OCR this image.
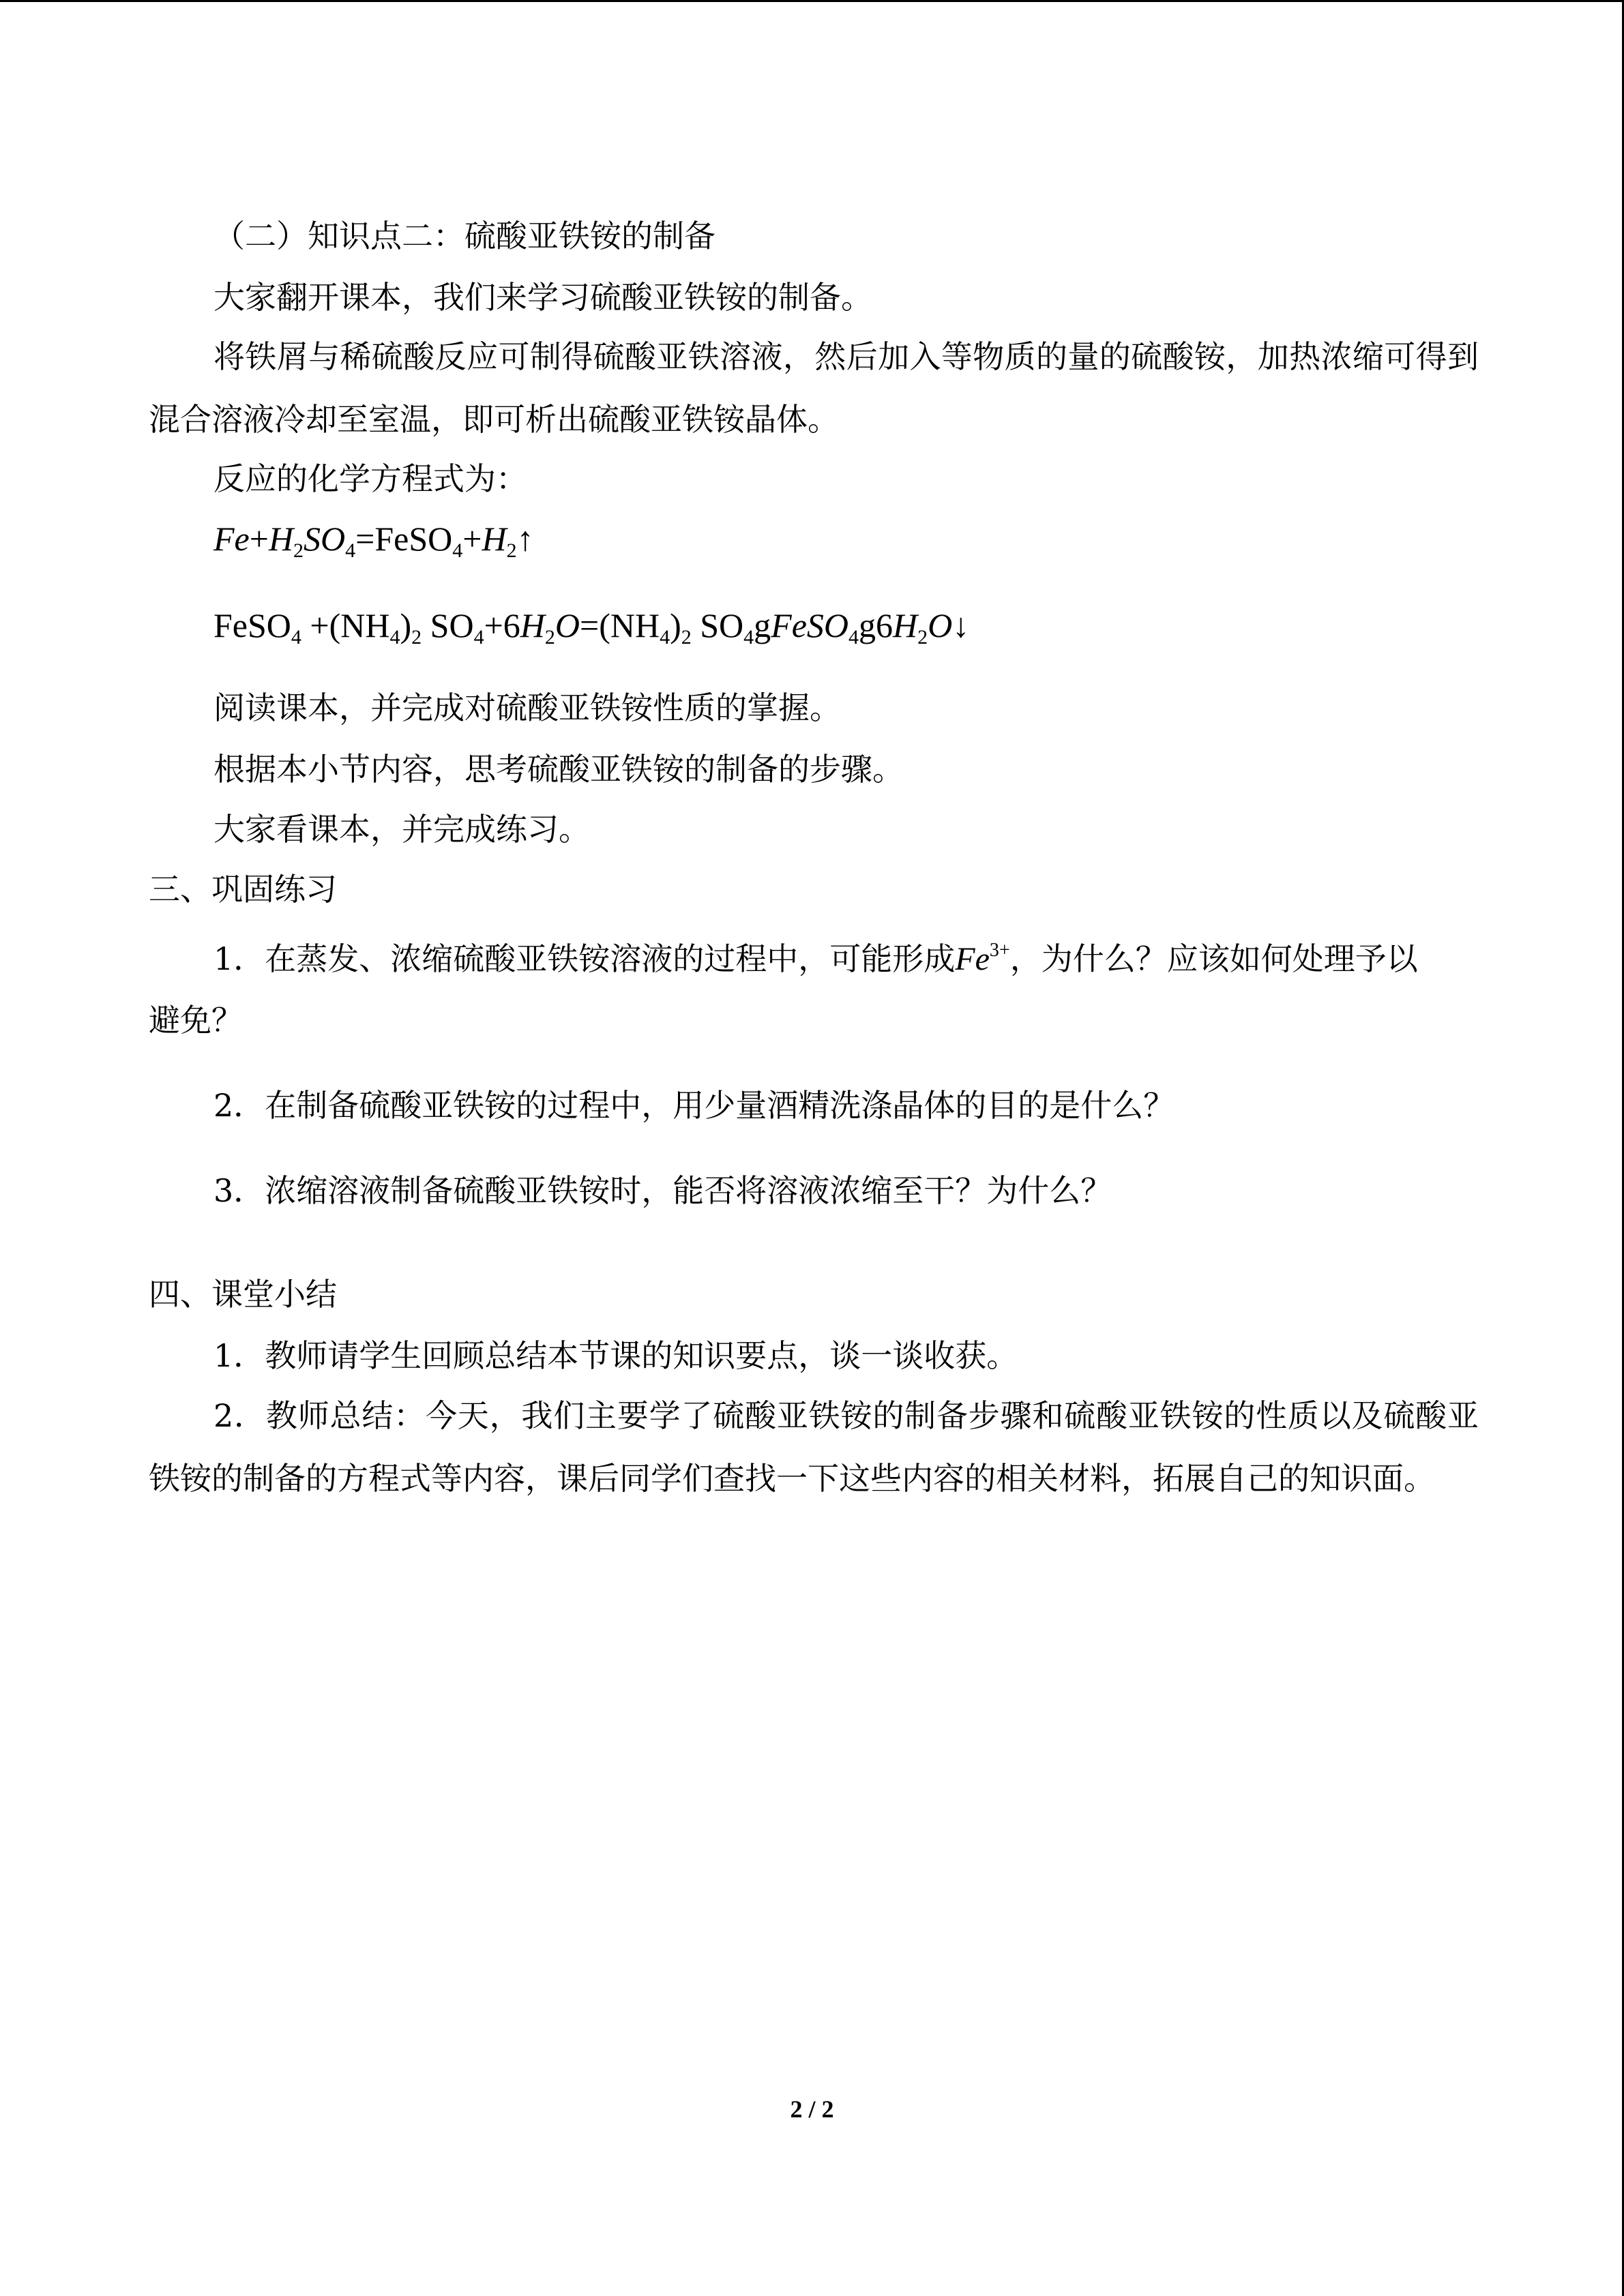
（二）知识点二：硫酸亚铁铵的制备
大家翻开课本，我们来学习硫酸亚铁铵的制备。
将铁屑与稀硫酸反应可制得硫酸亚铁溶液，然后加入等物质的量的硫酸铵，加热浓缩可得到混合溶液冷却至室温，即可析出硫酸亚铁铵晶体。
反应的化学方程式为：
$Fe+H_2SO_4=FeSO_4+H_2↑$
FeSO$_4$ $+(NH_4)_2$ $SO_4+6H_2O=(NH_4)_2$ $SO_4gFeSO_4g6H_2O↓$
阅读课本，并完成对硫酸亚铁铵性质的掌握。
根据本小节内容，思考硫酸亚铁铵的制备的步骤。
大家看课本，并完成练习。
三、巩固练习
1．在蒸发、浓缩硫酸亚铁铵溶液的过程中，可能形成$Fe^{3+}$，为什么？应该如何处理予以
避免？
2．在制备硫酸亚铁铵的过程中，用少量酒精洗涤晶体的目的是什么？
3．浓缩溶液制备硫酸亚铁铵时，能否将溶液浓缩至干？为什么？
四、课堂小结
1．教师请学生回顾总结本节课的知识要点，谈一谈收获。
2．教师总结：今天，我们主要学了硫酸亚铁铵的制备步骤和硫酸亚铁铵的性质以及硫酸亚铁铵的制备的方程式等内容，课后同学们查找一下这些内容的相关材料，拓展自己的知识面。
2 / 2
